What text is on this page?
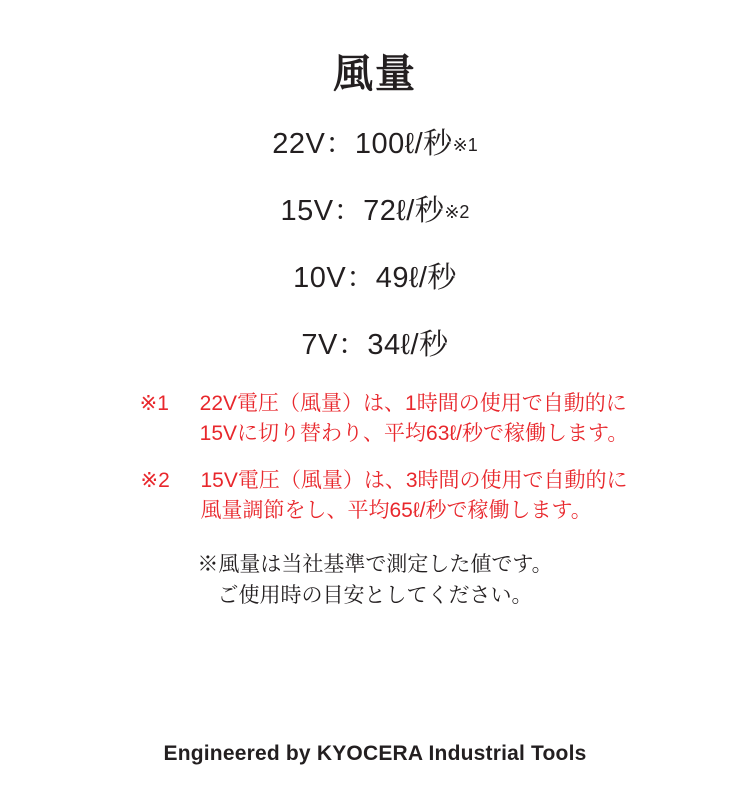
風量
22V：100ℓ/秒※1
15V：72ℓ/秒※2
10V：49ℓ/秒
7V：34ℓ/秒
※1	22V電圧（風量）は、1時間の使用で自動的に
15Vに切り替わり、平均63ℓ/秒で稼働します。
※2	15V電圧（風量）は、3時間の使用で自動的に
風量調節をし、平均65ℓ/秒で稼働します。
※風量は当社基準で測定した値です。
ご使用時の目安としてください。
Engineered by KYOCERA Industrial Tools
